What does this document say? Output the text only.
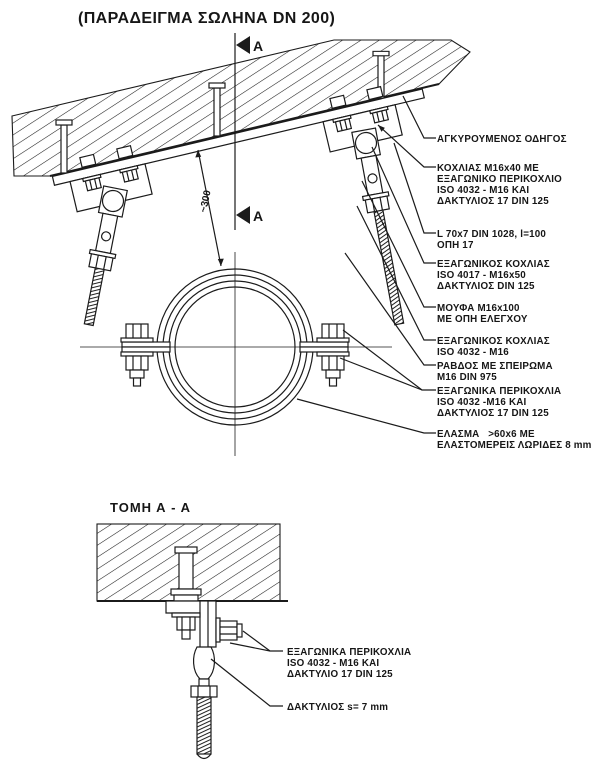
(ΠΑΡΑΔΕΙΓΜΑ ΣΩΛΗΝΑ DN 200)
A
A
~300
ΑΓΚΥΡΟΥΜΕΝΟΣ ΟΔΗΓΟΣ
ΚΟΧΛΙΑΣ M16x40 ΜΕ
ΕΞΑΓΩΝΙΚΟ ΠΕΡΙΚΟΧΛΙΟ
ISO 4032 - M16 ΚΑΙ
ΔΑΚΤΥΛΙΟΣ 17 DIN 125
L 70x7 DIN 1028, l=100
ΟΠΗ 17
ΕΞΑΓΩΝΙΚΟΣ ΚΟΧΛΙΑΣ
ISO 4017 - M16x50
ΔΑΚΤΥΛΙΟΣ DIN 125
ΜΟΥΦΑ M16x100
ΜΕ ΟΠΗ ΕΛΕΓΧΟΥ
ΕΞΑΓΩΝΙΚΟΣ ΚΟΧΛΙΑΣ
ISO 4032 - M16
ΡΑΒΔΟΣ ΜΕ ΣΠΕΙΡΩΜΑ
M16 DIN 975
ΕΞΑΓΩΝΙΚΑ ΠΕΡΙΚΟΧΛΙΑ
ISO 4032 -M16 ΚΑΙ
ΔΑΚΤΥΛΙΟΣ 17 DIN 125
ΕΛΑΣΜΑ   >60x6 ΜΕ
ΕΛΑΣΤΟΜΕΡΕΙΣ ΛΩΡΙΔΕΣ 8 mm
ΤΟΜΗ Α - Α
ΕΞΑΓΩΝΙΚΑ ΠΕΡΙΚΟΧΛΙΑ
ISO 4032 - M16 ΚΑΙ
ΔΑΚΤΥΛΙΟ 17 DIN 125
ΔΑΚΤΥΛΙΟΣ s= 7 mm
